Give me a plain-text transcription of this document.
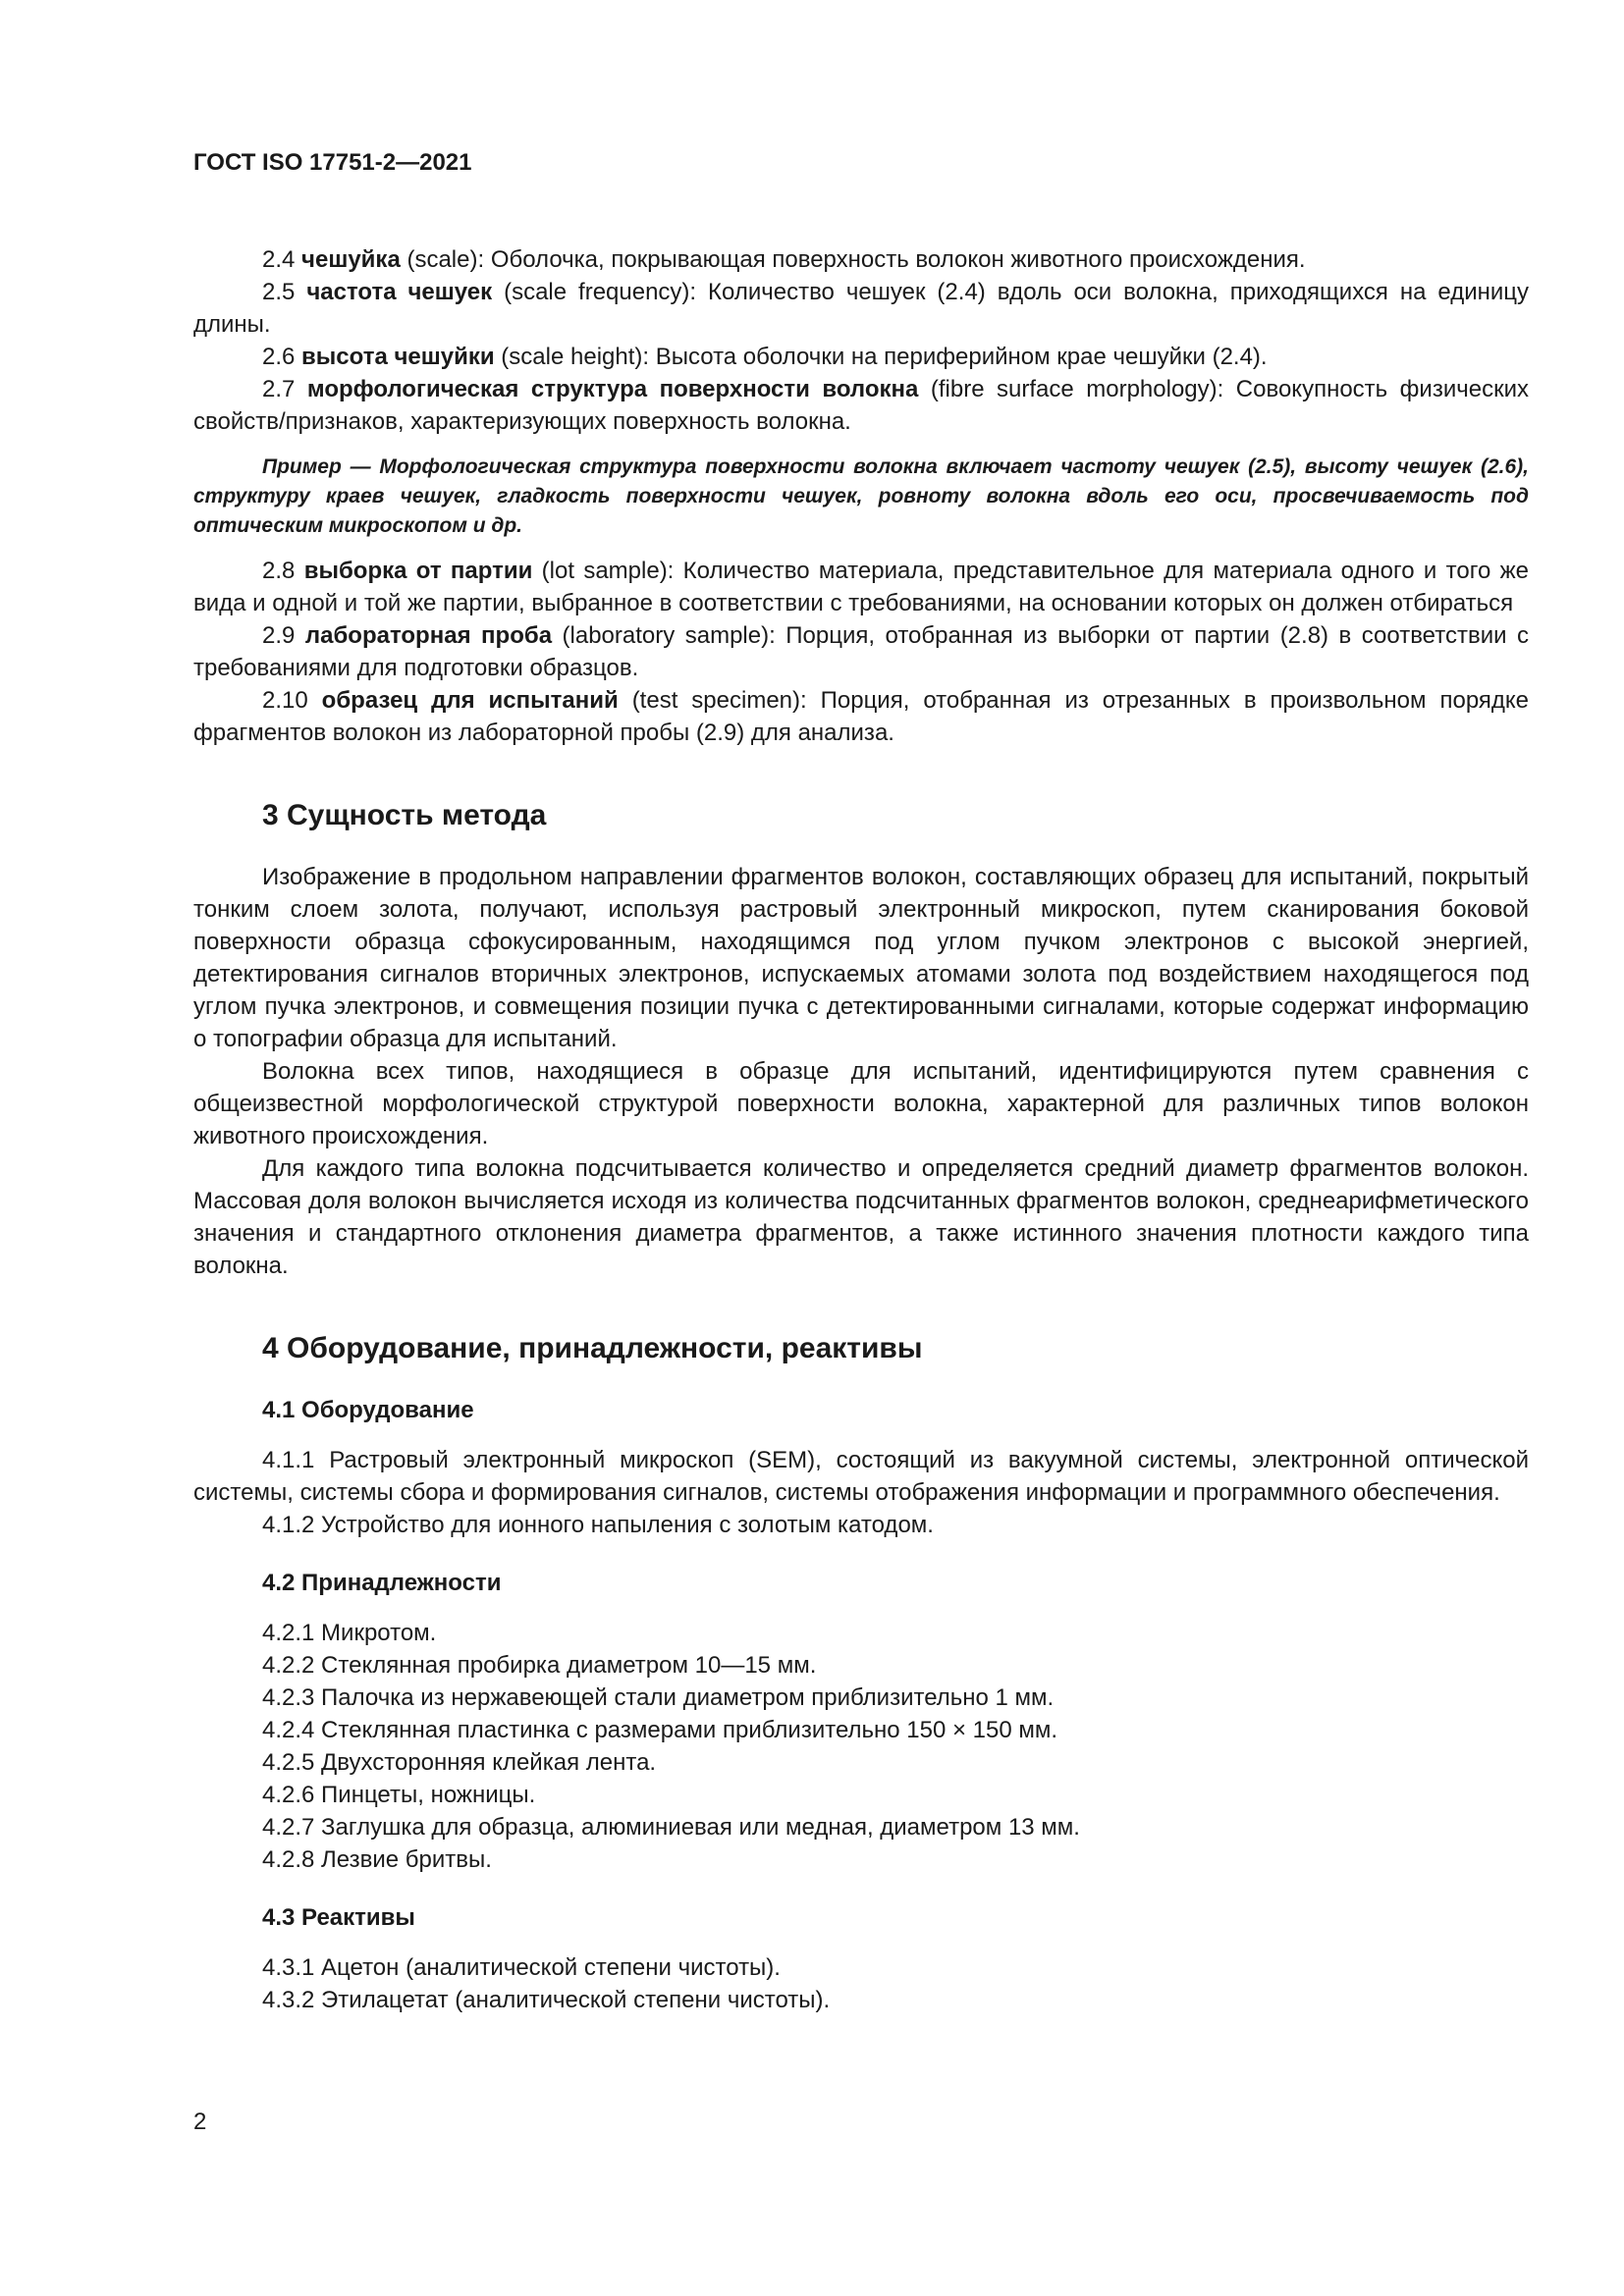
ГОСТ ISO 17751-2—2021

2.4 чешуйка (scale): Оболочка, покрывающая поверхность волокон животного происхождения.

2.5 частота чешуек (scale frequency): Количество чешуек (2.4) вдоль оси волокна, приходящихся на единицу длины.

2.6 высота чешуйки (scale height): Высота оболочки на периферийном крае чешуйки (2.4).

2.7 морфологическая структура поверхности волокна (fibre surface morphology): Совокупность физических свойств/признаков, характеризующих поверхность волокна.

Пример — Морфологическая структура поверхности волокна включает частоту чешуек (2.5), высоту чешуек (2.6), структуру краев чешуек, гладкость поверхности чешуек, ровноту волокна вдоль его оси, просвечиваемость под оптическим микроскопом и др.

2.8 выборка от партии (lot sample): Количество материала, представительное для материала одного и того же вида и одной и той же партии, выбранное в соответствии с требованиями, на основании которых он должен отбираться

2.9 лабораторная проба (laboratory sample): Порция, отобранная из выборки от партии (2.8) в соответствии с требованиями для подготовки образцов.

2.10 образец для испытаний (test specimen): Порция, отобранная из отрезанных в произвольном порядке фрагментов волокон из лабораторной пробы (2.9) для анализа.

3 Сущность метода

Изображение в продольном направлении фрагментов волокон, составляющих образец для испытаний, покрытый тонким слоем золота, получают, используя растровый электронный микроскоп, путем сканирования боковой поверхности образца сфокусированным, находящимся под углом пучком электронов с высокой энергией, детектирования сигналов вторичных электронов, испускаемых атомами золота под воздействием находящегося под углом пучка электронов, и совмещения позиции пучка с детектированными сигналами, которые содержат информацию о топографии образца для испытаний.

Волокна всех типов, находящиеся в образце для испытаний, идентифицируются путем сравнения с общеизвестной морфологической структурой поверхности волокна, характерной для различных типов волокон животного происхождения.

Для каждого типа волокна подсчитывается количество и определяется средний диаметр фрагментов волокон. Массовая доля волокон вычисляется исходя из количества подсчитанных фрагментов волокон, среднеарифметического значения и стандартного отклонения диаметра фрагментов, а также истинного значения плотности каждого типа волокна.

4 Оборудование, принадлежности, реактивы
4.1 Оборудование

4.1.1 Растровый электронный микроскоп (SEM), состоящий из вакуумной системы, электронной оптической системы, системы сбора и формирования сигналов, системы отображения информации и программного обеспечения.

4.1.2 Устройство для ионного напыления с золотым катодом.

4.2 Принадлежности
4.2.1 Микротом.
4.2.2 Стеклянная пробирка диаметром 10—15 мм.
4.2.3 Палочка из нержавеющей стали диаметром приблизительно 1 мм.
4.2.4 Стеклянная пластинка с размерами приблизительно 150 × 150 мм.
4.2.5 Двухсторонняя клейкая лента.
4.2.6 Пинцеты, ножницы.
4.2.7 Заглушка для образца, алюминиевая или медная, диаметром 13 мм.
4.2.8 Лезвие бритвы.
4.3 Реактивы
4.3.1 Ацетон (аналитической степени чистоты).
4.3.2 Этилацетат (аналитической степени чистоты).
2
